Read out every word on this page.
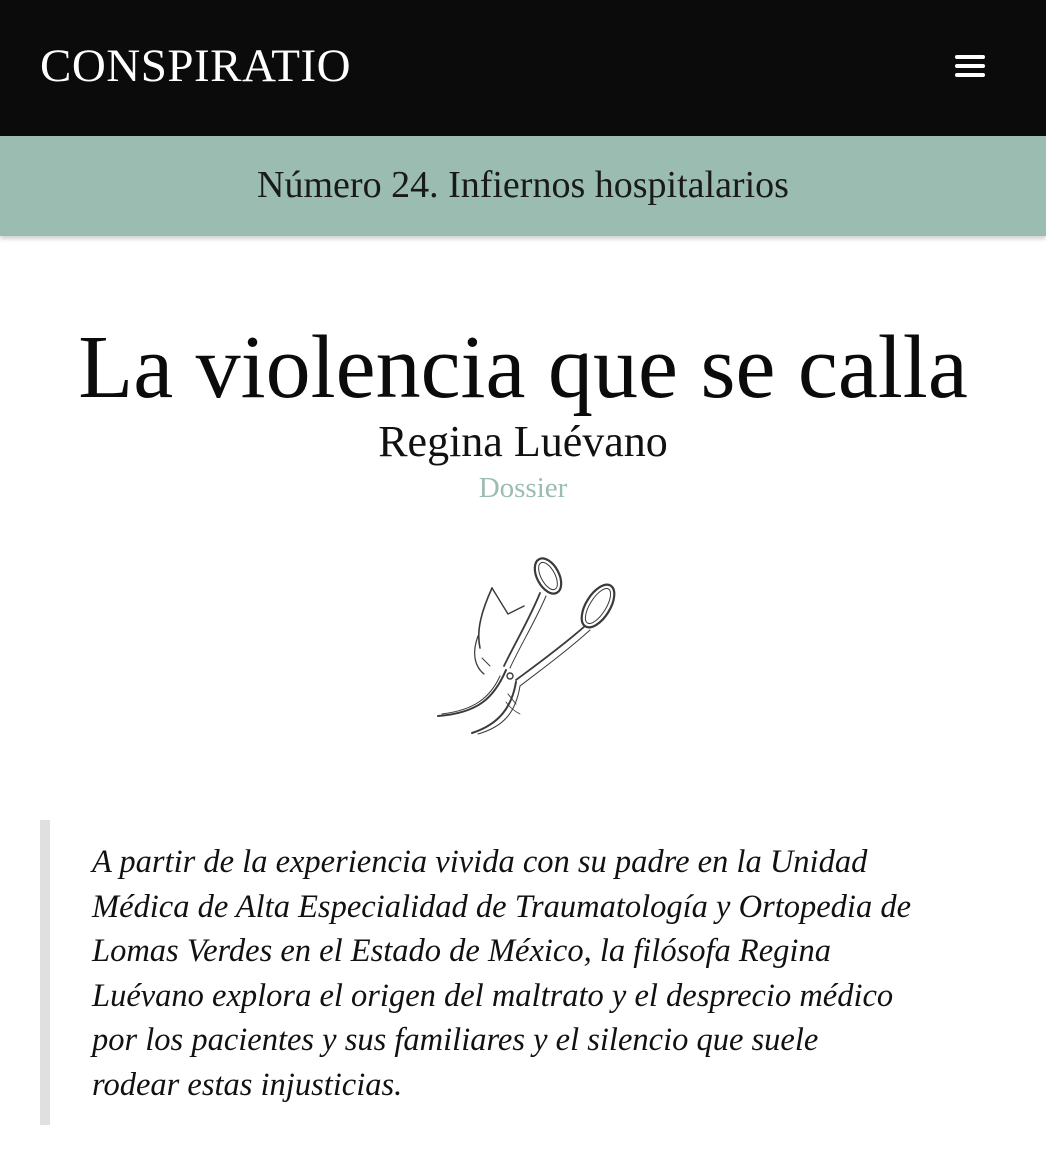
CONSPIRATIO
Número 24. Infiernos hospitalarios
La violencia que se calla
Regina Luévano
Dossier

A partir de la experiencia vivida con su padre en la Unidad Médica de Alta Especialidad de Traumatología y Ortopedia de Lomas Verdes en el Estado de México, la filósofa Regina Luévano explora el origen del maltrato y el desprecio médico por los pacientes y sus familiares y el silencio que suele rodear estas injusticias.
